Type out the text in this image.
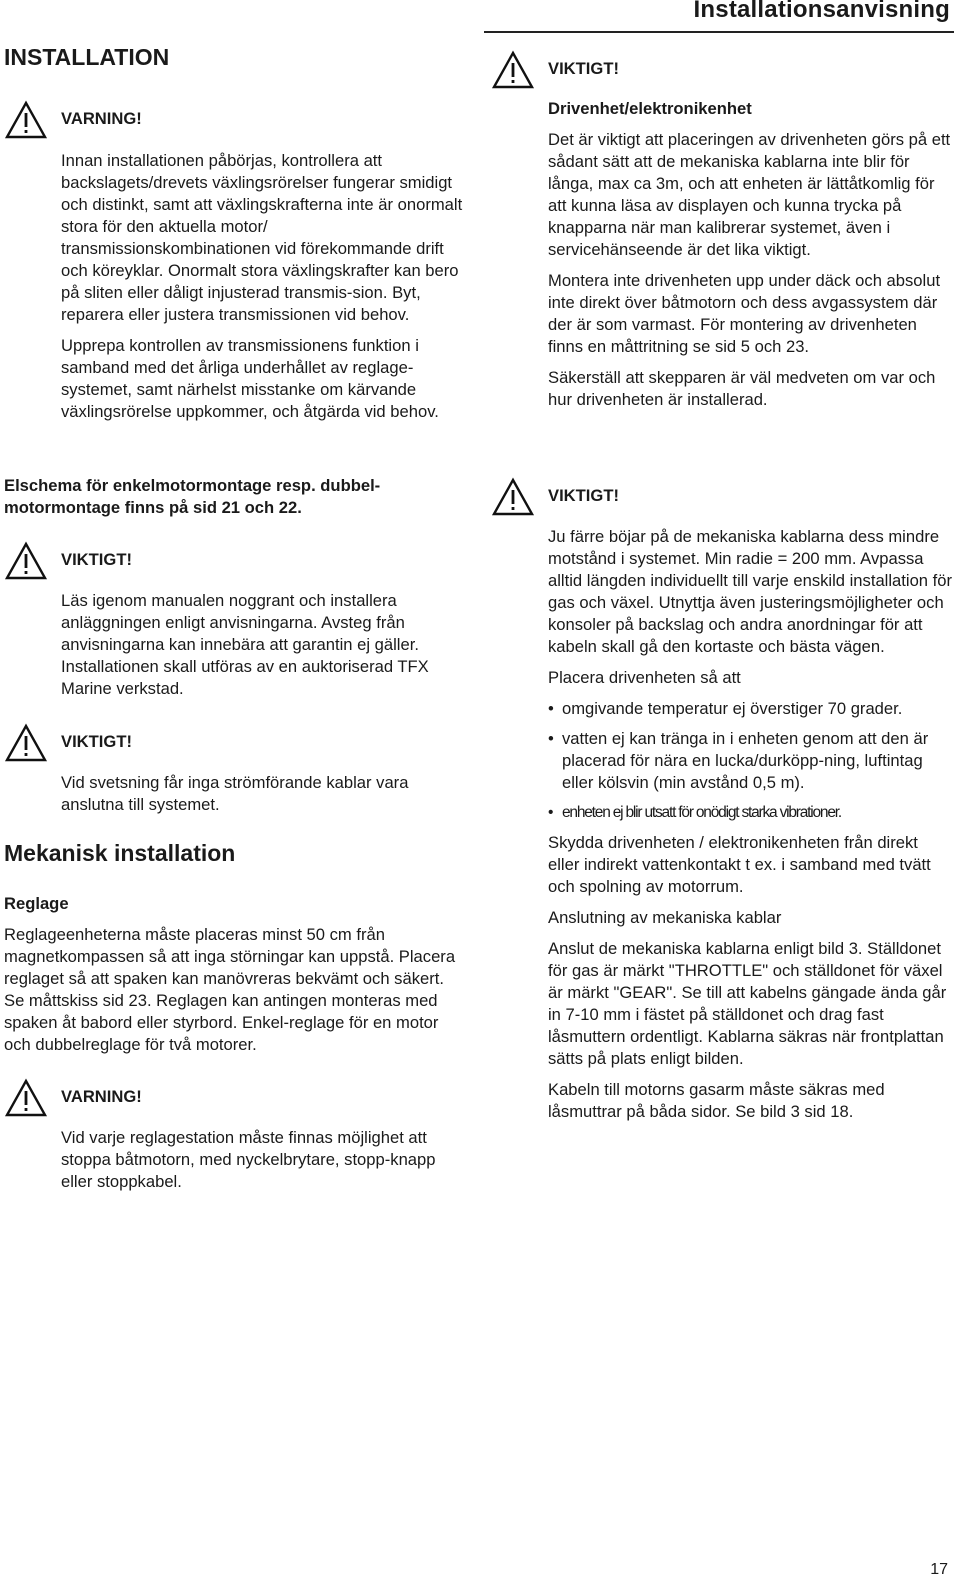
Installationsanvisning
INSTALLATION
VARNING!

Innan installationen påbörjas, kontrollera att backslagets/drevets växlingsrörelser fungerar smidigt och distinkt, samt att växlingskrafterna inte är onormalt stora för den aktuella motor/ transmissionskombinationen vid förekommande drift och köreyklar. Onormalt stora växlingskrafter kan bero på sliten eller dåligt injusterad transmis-sion. Byt, reparera eller justera transmissionen vid behov.

Upprepa kontrollen av transmissionens funktion i samband med det årliga underhållet av reglage-systemet, samt närhelst misstanke om kärvande växlingsrörelse uppkommer, och åtgärda vid behov.

Elschema för enkelmotormontage resp. dubbel-motormontage finns på sid 21 och 22.

VIKTIGT!

Läs igenom manualen noggrant och installera anläggningen enligt anvisningarna. Avsteg från anvisningarna kan innebära att garantin ej gäller. Installationen skall utföras av en auktoriserad TFX Marine verkstad.

VIKTIGT!

Vid svetsning får inga strömförande kablar vara anslutna till systemet.

Mekanisk installation

Reglage

Reglageenheterna måste placeras minst 50 cm från magnetkompassen så att inga störningar kan uppstå. Placera reglaget så att spaken kan manövreras bekvämt och säkert. Se måttskiss sid 23. Reglagen kan antingen monteras med spaken åt babord eller styrbord. Enkel-reglage för en motor och dubbelreglage för två motorer.

VARNING!

Vid varje reglagestation måste finnas möjlighet att stoppa båtmotorn, med nyckelbrytare, stopp-knapp eller stoppkabel.

VIKTIGT!

Drivenhet/elektronikenhet

Det är viktigt att placeringen av drivenheten görs på ett sådant sätt att de mekaniska kablarna inte blir för långa, max ca 3m, och att enheten är lättåtkomlig för att kunna läsa av displayen och kunna trycka på knapparna när man kalibrerar systemet, även i servicehänseende är det lika viktigt.

Montera inte drivenheten upp under däck och absolut inte direkt över båtmotorn och dess avgassystem där der är som varmast. För montering av drivenheten finns en måttritning se sid 5 och 23.

Säkerställ att skepparen är väl medveten om var och hur drivenheten är installerad.

VIKTIGT!

Ju färre böjar på de mekaniska kablarna dess mindre motstånd i systemet. Min radie = 200 mm. Avpassa alltid längden individuellt till varje enskild installation för gas och växel. Utnyttja även justeringsmöjligheter och konsoler på backslag och andra anordningar för att kabeln skall gå den kortaste och bästa vägen.

Placera drivenheten så att

• omgivande temperatur ej överstiger 70 grader.
• vatten ej kan tränga in i enheten genom att den är placerad för nära en lucka/durköpp-ning, luftintag eller kölsvin (min avstånd 0,5 m).
• enheten ej blir utsatt för onödigt starka vibrationer.

Skydda drivenheten / elektronikenheten från direkt eller indirekt vattenkontakt t ex. i samband med tvätt och spolning av motorrum.

Anslutning av mekaniska kablar

Anslut de mekaniska kablarna enligt bild 3. Ställdonet för gas är märkt "THROTTLE" och ställdonet för växel är märkt "GEAR". Se till att kabelns gängade ända går in 7-10 mm i fästet på ställdonet och drag fast låsmuttern ordentligt. Kablarna säkras när frontplattan sätts på plats enligt bilden.

Kabeln till motorns gasarm måste säkras med låsmuttrar på båda sidor. Se bild 3 sid 18.

17
